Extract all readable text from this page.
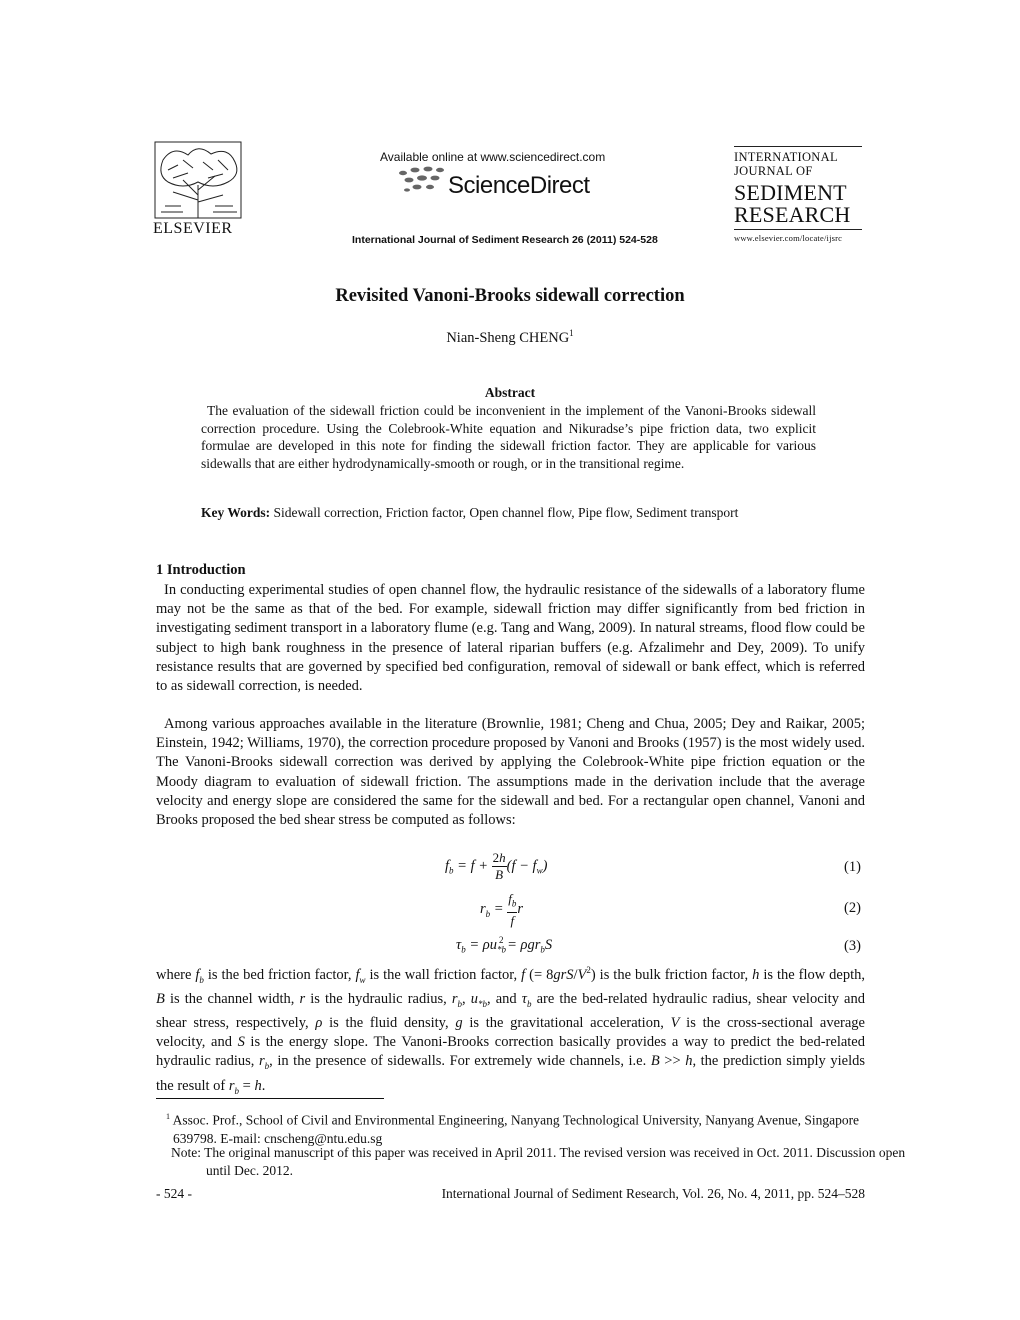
ELSEVIER
Available online at www.sciencedirect.com
ScienceDirect
International Journal of Sediment Research 26 (2011) 524-528
INTERNATIONAL
JOURNAL OF
SEDIMENT
RESEARCH
www.elsevier.com/locate/ijsrc
Revisited Vanoni-Brooks sidewall correction
Nian-Sheng CHENG$^1$
Abstract
The evaluation of the sidewall friction could be inconvenient in the implement of the Vanoni-Brooks sidewall correction procedure. Using the Colebrook-White equation and Nikuradse’s pipe friction data, two explicit formulae are developed in this note for finding the sidewall friction factor. They are applicable for various sidewalls that are either hydrodynamically-smooth or rough, or in the transitional regime.
Key Words: Sidewall correction, Friction factor, Open channel flow, Pipe flow, Sediment transport
1 Introduction
In conducting experimental studies of open channel flow, the hydraulic resistance of the sidewalls of a laboratory flume may not be the same as that of the bed. For example, sidewall friction may differ significantly from bed friction in investigating sediment transport in a laboratory flume (e.g. Tang and Wang, 2009). In natural streams, flood flow could be subject to high bank roughness in the presence of lateral riparian buffers (e.g. Afzalimehr and Dey, 2009). To unify resistance results that are governed by specified bed configuration, removal of sidewall or bank effect, which is referred to as sidewall correction, is needed.
Among various approaches available in the literature (Brownlie, 1981; Cheng and Chua, 2005; Dey and Raikar, 2005; Einstein, 1942; Williams, 1970), the correction procedure proposed by Vanoni and Brooks (1957) is the most widely used. The Vanoni-Brooks sidewall correction was derived by applying the Colebrook-White pipe friction equation or the Moody diagram to evaluation of sidewall friction. The assumptions made in the derivation include that the average velocity and energy slope are considered the same for the sidewall and bed. For a rectangular open channel, Vanoni and Brooks proposed the bed shear stress be computed as follows:
$f_b = f + \frac{2h}{B} (f - f_w)$	(1)
$r_b = \frac{f_b}{f}$ r	(2)
$\tau_b = \rho u_{*b}^2 = \rho gr_bS$	(3)
where $f_b$ is the bed friction factor, $f_w$ is the wall friction factor, f (= $8grS/V^2$) is the bulk friction factor, h is the flow depth, B is the channel width, r is the hydraulic radius, $r_b$, $u_{*b}$, and $\tau_b$ are the bed-related hydraulic radius, shear velocity and shear stress, respectively, ρ is the fluid density, g is the gravitational acceleration, V is the cross-sectional average velocity, and S is the energy slope. The Vanoni-Brooks correction basically provides a way to predict the bed-related hydraulic radius, $r_b$, in the presence of sidewalls. For extremely wide channels, i.e. B >> h, the prediction simply yields the result of $r_b = h$.
$^1$ Assoc. Prof., School of Civil and Environmental Engineering, Nanyang Technological University, Nanyang Avenue, Singapore 639798. E-mail: cnscheng@ntu.edu.sg
Note: The original manuscript of this paper was received in April 2011. The revised version was received in Oct. 2011. Discussion open until Dec. 2012.
- 524 -	International Journal of Sediment Research, Vol. 26, No. 4, 2011, pp. 524–528
